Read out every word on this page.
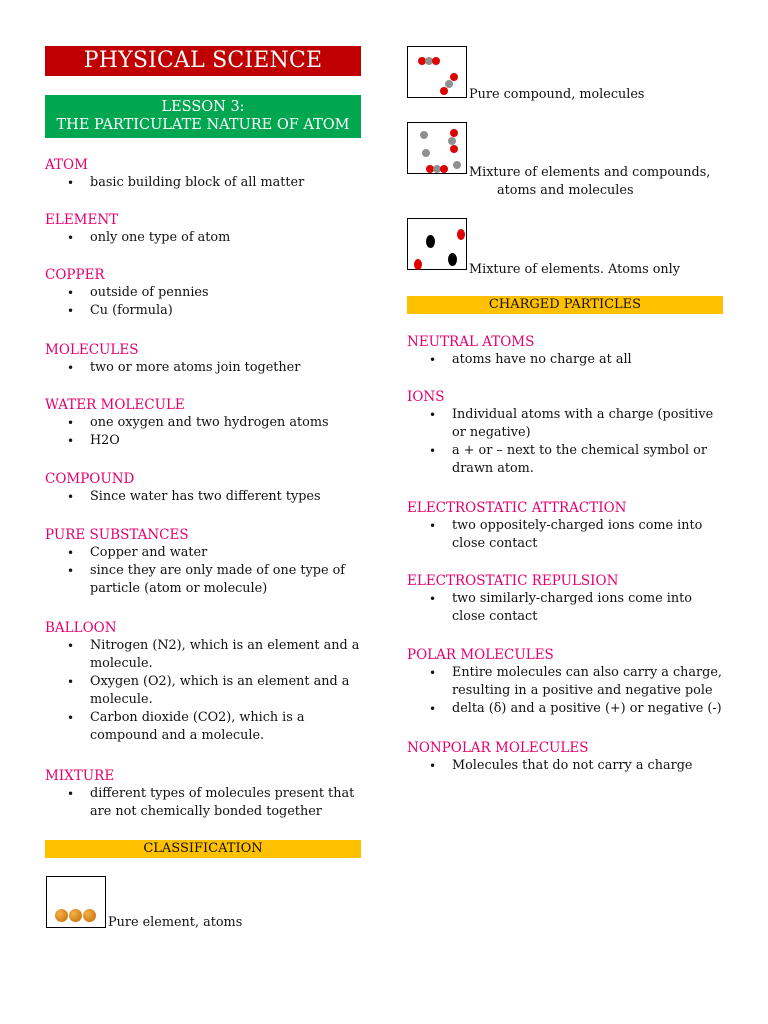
PHYSICAL SCIENCE
LESSON 3:
THE PARTICULATE NATURE OF ATOM
ATOM
• basic building block of all matter
ELEMENT
• only one type of atom
COPPER
• outside of pennies
• Cu (formula)
MOLECULES
• two or more atoms join together
WATER MOLECULE
• one oxygen and two hydrogen atoms
• H2O
COMPOUND
• Since water has two different types
PURE SUBSTANCES
• Copper and water
• since they are only made of one type of
particle (atom or molecule)
BALLOON
• Nitrogen (N2), which is an element and a
molecule.
• Oxygen (O2), which is an element and a
molecule.
• Carbon dioxide (CO2), which is a
compound and a molecule.
MIXTURE
• different types of molecules present that
are not chemically bonded together
CLASSIFICATION
Pure element, atoms
Pure compound, molecules
Mixture of elements and compounds,
atoms and molecules
Mixture of elements. Atoms only
CHARGED PARTICLES
NEUTRAL ATOMS
• atoms have no charge at all
IONS
• Individual atoms with a charge (positive
or negative)
• a + or – next to the chemical symbol or
drawn atom.
ELECTROSTATIC ATTRACTION
• two oppositely-charged ions come into
close contact
ELECTROSTATIC REPULSION
• two similarly-charged ions come into
close contact
POLAR MOLECULES
• Entire molecules can also carry a charge,
resulting in a positive and negative pole
• delta (δ) and a positive (+) or negative (-)
NONPOLAR MOLECULES
• Molecules that do not carry a charge
